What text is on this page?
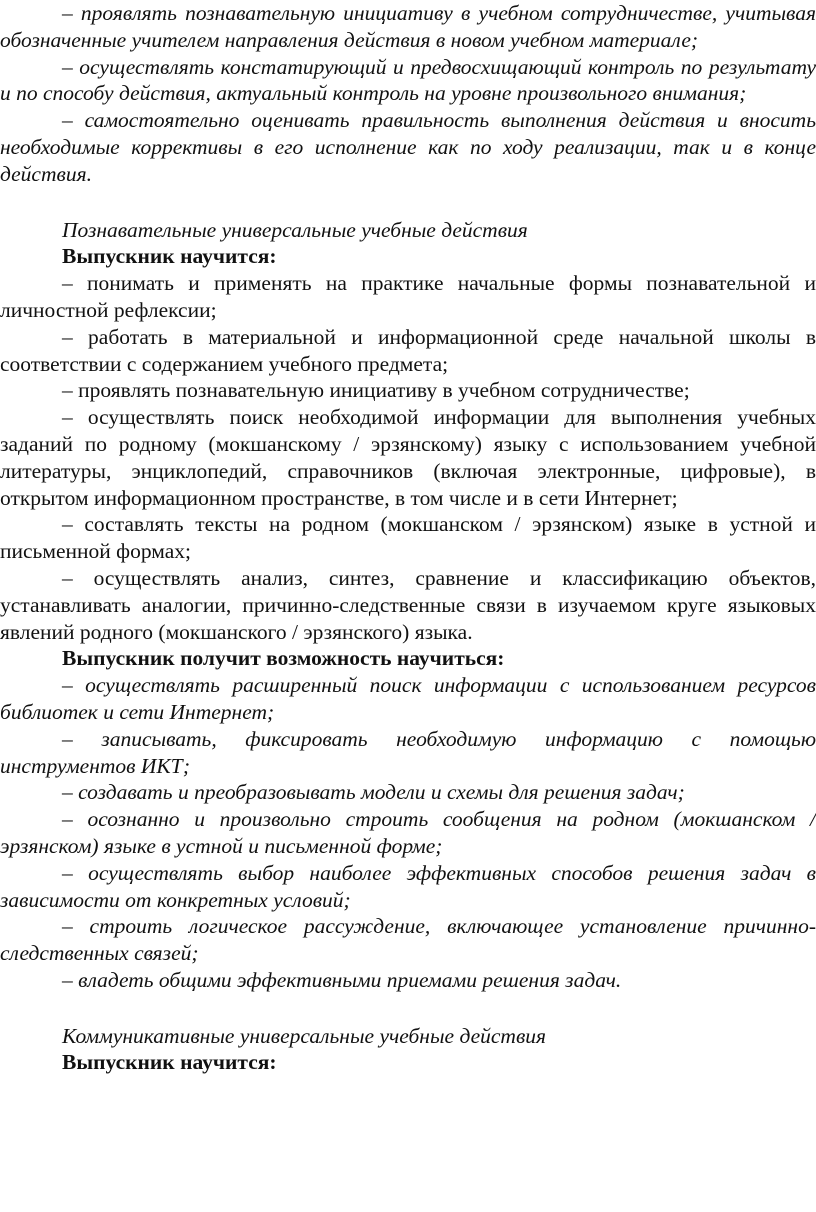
– проявлять познавательную инициативу в учебном сотрудничестве, учитывая обозначенные учителем направления действия в новом учебном материале;

– осуществлять констатирующий и предвосхищающий контроль по результату и по способу действия, актуальный контроль на уровне произвольного внимания;

– самостоятельно оценивать правильность выполнения действия и вносить необходимые коррективы в его исполнение как по ходу реализации, так и в конце действия.

Познавательные универсальные учебные действия

Выпускник научится:

– понимать и применять на практике начальные формы познавательной и личностной рефлексии;

– работать в материальной и информационной среде начальной школы в соответствии с содержанием учебного предмета;

– проявлять познавательную инициативу в учебном сотрудничестве;

– осуществлять поиск необходимой информации для выполнения учебных заданий по родному (мокшанскому / эрзянскому) языку с использованием учебной литературы, энциклопедий, справочников (включая электронные, цифровые), в открытом информационном пространстве, в том числе и в сети Интернет;

– составлять тексты на родном (мокшанском / эрзянском) языке в устной и письменной формах;

– осуществлять анализ, синтез, сравнение и классификацию объектов, устанавливать аналогии, причинно-следственные связи в изучаемом круге языковых явлений родного (мокшанского / эрзянского) языка.

Выпускник получит возможность научиться:

– осуществлять расширенный поиск информации с использованием ресурсов библиотек и сети Интернет;

– записывать, фиксировать необходимую информацию с помощью инструментов ИКТ;

– создавать и преобразовывать модели и схемы для решения задач;

– осознанно и произвольно строить сообщения на родном (мокшанском / эрзянском) языке в устной и письменной форме;

– осуществлять выбор наиболее эффективных способов решения задач в зависимости от конкретных условий;

– строить логическое рассуждение, включающее установление причинно-следственных связей;

– владеть общими эффективными приемами решения задач.

Коммуникативные универсальные учебные действия

Выпускник научится:
